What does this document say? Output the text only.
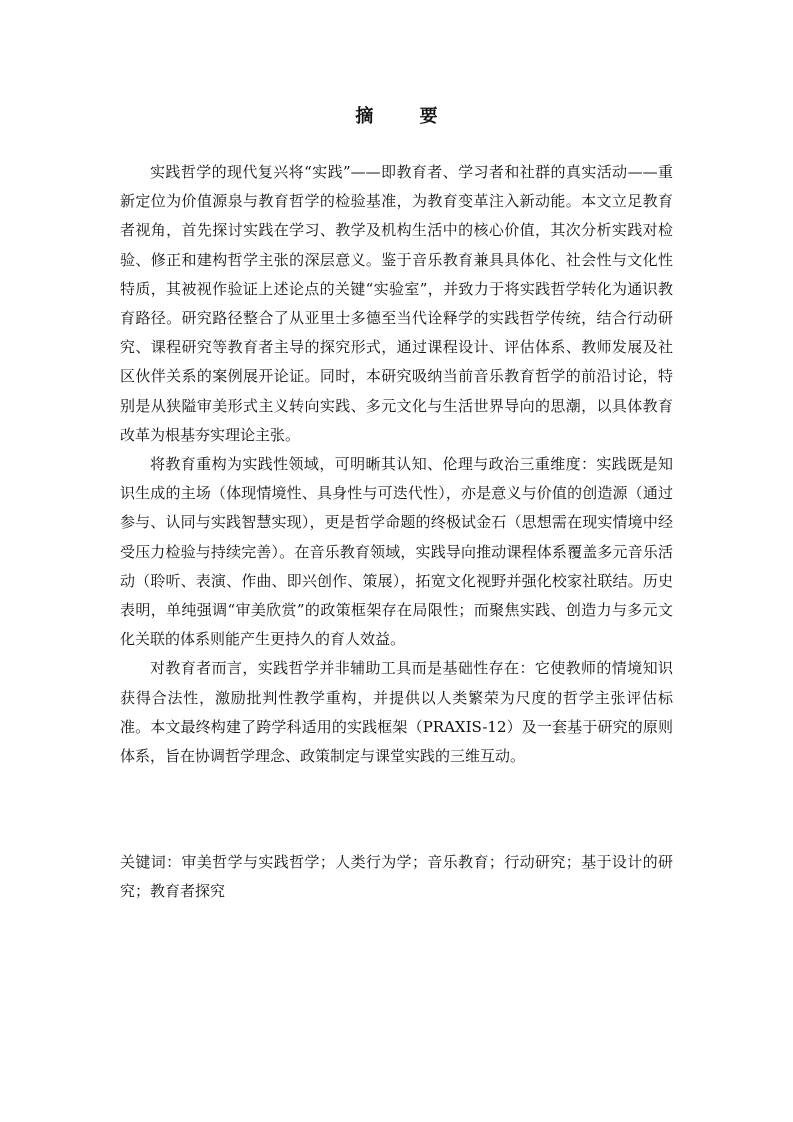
摘 要

实践哲学的现代复兴将“实践”——即教育者、学习者和社群的真实活动——重新定位为价值源泉与教育哲学的检验基准，为教育变革注入新动能。本文立足教育者视角，首先探讨实践在学习、教学及机构生活中的核心价值，其次分析实践对检验、修正和建构哲学主张的深层意义。鉴于音乐教育兼具具体化、社会性与文化性特质，其被视作验证上述论点的关键“实验室”，并致力于将实践哲学转化为通识教育路径。研究路径整合了从亚里士多德至当代诠释学的实践哲学传统，结合行动研究、课程研究等教育者主导的探究形式，通过课程设计、评估体系、教师发展及社区伙伴关系的案例展开论证。同时，本研究吸纳当前音乐教育哲学的前沿讨论，特别是从狭隘审美形式主义转向实践、多元文化与生活世界导向的思潮，以具体教育改革为根基夯实理论主张。

将教育重构为实践性领域，可明晰其认知、伦理与政治三重维度：实践既是知识生成的主场（体现情境性、具身性与可迭代性），亦是意义与价值的创造源（通过参与、认同与实践智慧实现），更是哲学命题的终极试金石（思想需在现实情境中经受压力检验与持续完善）。在音乐教育领域，实践导向推动课程体系覆盖多元音乐活动（聆听、表演、作曲、即兴创作、策展），拓宽文化视野并强化校家社联结。历史表明，单纯强调“审美欣赏”的政策框架存在局限性；而聚焦实践、创造力与多元文化关联的体系则能产生更持久的育人效益。

对教育者而言，实践哲学并非辅助工具而是基础性存在：它使教师的情境知识获得合法性，激励批判性教学重构，并提供以人类繁荣为尺度的哲学主张评估标准。本文最终构建了跨学科适用的实践框架（PRAXIS-12）及一套基于研究的原则体系，旨在协调哲学理念、政策制定与课堂实践的三维互动。

关键词：审美哲学与实践哲学；人类行为学；音乐教育；行动研究；基于设计的研究；教育者探究
